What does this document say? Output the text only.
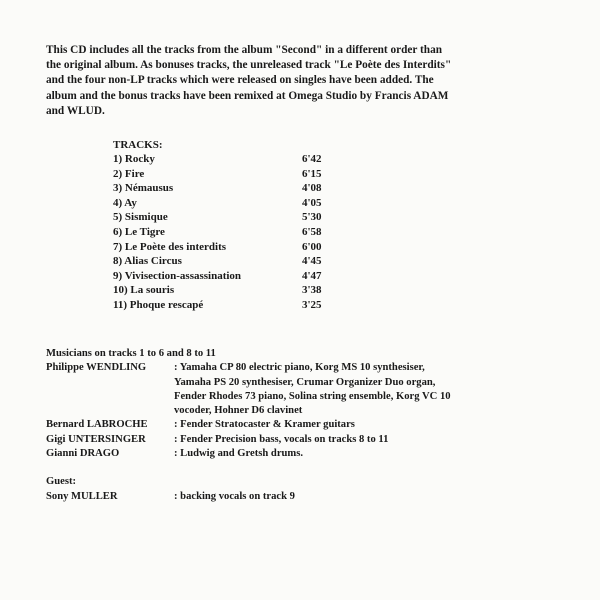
This CD includes all the tracks from the album "Second" in a different order than
the original album. As bonuses tracks, the unreleased track "Le Poète des Interdits"
and the four non-LP tracks which were released on singles have been added. The
album and the bonus tracks have been remixed at Omega Studio by Francis ADAM
and WLUD.
TRACKS:
1) Rocky	6'42
2) Fire	6'15
3) Némausus	4'08
4) Ay	4'05
5) Sismique	5'30
6) Le Tigre	6'58
7) Le Poète des interdits	6'00
8) Alias Circus	4'45
9) Vivisection-assassination	4'47
10) La souris	3'38
11) Phoque rescapé	3'25
Musicians on tracks 1 to 6 and 8 to 11
Philippe WENDLING	: Yamaha CP 80 electric piano, Korg MS 10 synthesiser,
Yamaha PS 20 synthesiser, Crumar Organizer Duo organ,
Fender Rhodes 73 piano, Solina string ensemble, Korg VC 10
vocoder, Hohner D6 clavinet
Bernard LABROCHE : Fender Stratocaster & Kramer guitars
Gigi UNTERSINGER	: Fender Precision bass, vocals on tracks 8 to 11
Gianni DRAGO	: Ludwig and Gretsh drums.
Guest:
Sony MULLER	: backing vocals on track 9
